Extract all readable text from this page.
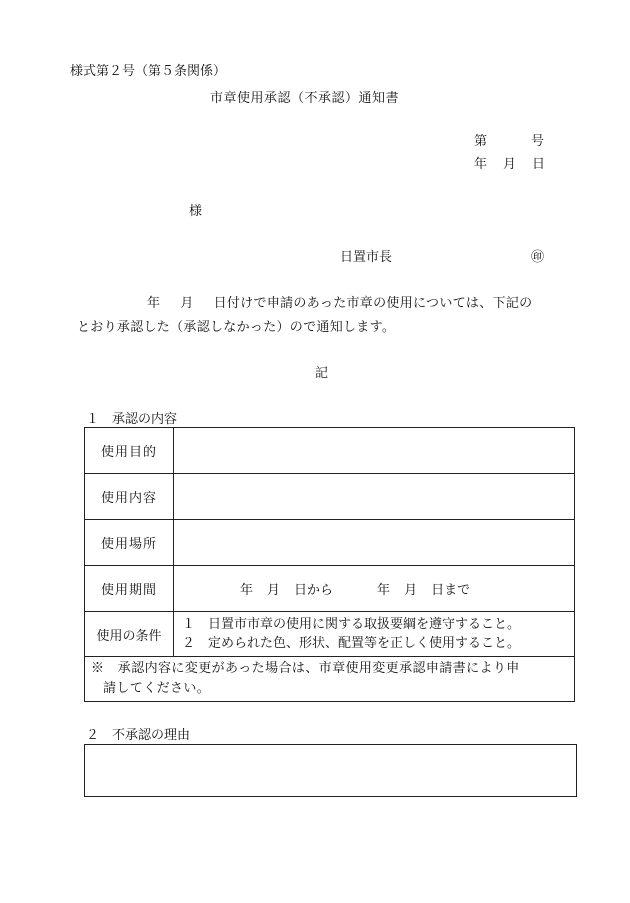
様式第２号（第５条関係）
市章使用承認（不承認）通知書
第	号
年 月 日
様
日置市長	㊞
年 月 日付けで申請のあった市章の使用については、下記の
とおり承認した（承認しなかった）ので通知します。
記
１　承認の内容
使用目的	
使用内容	
使用場所	
使用期間	年 月 日から 年 月 日まで
使用の条件	１　日置市市章の使用に関する取扱要綱を遵守すること。
２　定められた色、形状、配置等を正しく使用すること。

※　承認内容に変更があった場合は、市章使用変更承認申請書により申
請してください。	
２　不承認の理由
